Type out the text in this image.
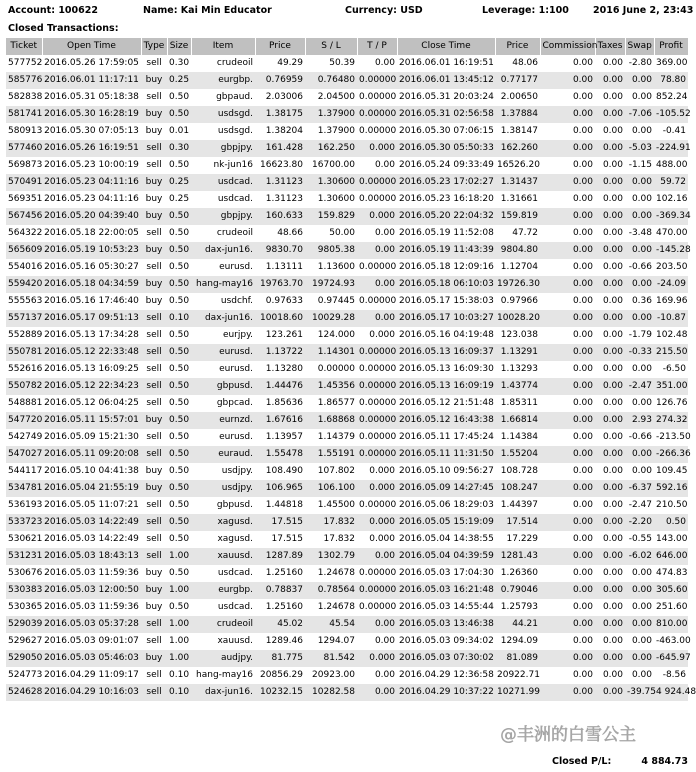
Account: 100622	Name: Kai Min Educator	Currency: USD	Leverage: 1:100	2016 June 2, 23:43
Closed Transactions:
Ticket	Open Time	Type	Size	Item	Price	S / L	T / P	Close Time	Price	Commission	Taxes	Swap	Profit
577752	2016.05.26 17:59:05	sell	0.30	crudeoil	49.29	50.39	0.00	2016.06.01 16:19:51	48.06	0.00	0.00	-2.80	369.00
585776	2016.06.01 11:17:11	buy	0.25	eurgbp.	0.76959	0.76480	0.00000	2016.06.01 13:45:12	0.77177	0.00	0.00	0.00	78.80
582838	2016.05.31 05:18:38	sell	0.50	gbpaud.	2.03006	2.04500	0.00000	2016.05.31 20:03:24	2.00650	0.00	0.00	0.00	852.24
581741	2016.05.30 16:28:19	buy	0.50	usdsgd.	1.38175	1.37900	0.00000	2016.05.31 02:56:58	1.37884	0.00	0.00	-7.06	-105.52
580913	2016.05.30 07:05:13	buy	0.01	usdsgd.	1.38204	1.37900	0.00000	2016.05.30 07:06:15	1.38147	0.00	0.00	0.00	-0.41
577460	2016.05.26 16:19:51	sell	0.30	gbpjpy.	161.428	162.250	0.000	2016.05.30 05:50:33	162.260	0.00	0.00	-5.03	-224.91
569873	2016.05.23 10:00:19	sell	0.50	nk-jun16	16623.80	16700.00	0.00	2016.05.24 09:33:49	16526.20	0.00	0.00	-1.15	488.00
570491	2016.05.23 04:11:16	buy	0.25	usdcad.	1.31123	1.30600	0.00000	2016.05.23 17:02:27	1.31437	0.00	0.00	0.00	59.72
569351	2016.05.23 04:11:16	buy	0.25	usdcad.	1.31123	1.30600	0.00000	2016.05.23 16:18:20	1.31661	0.00	0.00	0.00	102.16
567456	2016.05.20 04:39:40	buy	0.50	gbpjpy.	160.633	159.829	0.000	2016.05.20 22:04:32	159.819	0.00	0.00	0.00	-369.34
564322	2016.05.18 22:00:05	sell	0.50	crudeoil	48.66	50.00	0.00	2016.05.19 11:52:08	47.72	0.00	0.00	-3.48	470.00
565609	2016.05.19 10:53:23	buy	0.50	dax-jun16.	9830.70	9805.38	0.00	2016.05.19 11:43:39	9804.80	0.00	0.00	0.00	-145.28
554016	2016.05.16 05:30:27	sell	0.50	eurusd.	1.13111	1.13600	0.00000	2016.05.18 12:09:16	1.12704	0.00	0.00	-0.66	203.50
559420	2016.05.18 04:34:59	buy	0.50	hang-may16	19763.70	19724.93	0.00	2016.05.18 06:10:03	19726.30	0.00	0.00	0.00	-24.09
555563	2016.05.16 17:46:40	buy	0.50	usdchf.	0.97633	0.97445	0.00000	2016.05.17 15:38:03	0.97966	0.00	0.00	0.36	169.96
557137	2016.05.17 09:51:13	sell	0.10	dax-jun16.	10018.60	10029.28	0.00	2016.05.17 10:03:27	10028.20	0.00	0.00	0.00	-10.87
552889	2016.05.13 17:34:28	sell	0.50	eurjpy.	123.261	124.000	0.000	2016.05.16 04:19:48	123.038	0.00	0.00	-1.79	102.48
550781	2016.05.12 22:33:48	sell	0.50	eurusd.	1.13722	1.14301	0.00000	2016.05.13 16:09:37	1.13291	0.00	0.00	-0.33	215.50
552616	2016.05.13 16:09:25	sell	0.50	eurusd.	1.13280	0.00000	0.00000	2016.05.13 16:09:30	1.13293	0.00	0.00	0.00	-6.50
550782	2016.05.12 22:34:23	sell	0.50	gbpusd.	1.44476	1.45356	0.00000	2016.05.13 16:09:19	1.43774	0.00	0.00	-2.47	351.00
548881	2016.05.12 06:04:25	sell	0.50	gbpcad.	1.85636	1.86577	0.00000	2016.05.12 21:51:48	1.85311	0.00	0.00	0.00	126.76
547720	2016.05.11 15:57:01	buy	0.50	eurnzd.	1.67616	1.68868	0.00000	2016.05.12 16:43:38	1.66814	0.00	0.00	2.93	274.32
542749	2016.05.09 15:21:30	sell	0.50	eurusd.	1.13957	1.14379	0.00000	2016.05.11 17:45:24	1.14384	0.00	0.00	-0.66	-213.50
547027	2016.05.11 09:20:08	sell	0.50	euraud.	1.55478	1.55191	0.00000	2016.05.11 11:31:50	1.55204	0.00	0.00	0.00	-266.36
544117	2016.05.10 04:41:38	buy	0.50	usdjpy.	108.490	107.802	0.000	2016.05.10 09:56:27	108.728	0.00	0.00	0.00	109.45
534781	2016.05.04 21:55:19	buy	0.50	usdjpy.	106.965	106.100	0.000	2016.05.09 14:27:45	108.247	0.00	0.00	-6.37	592.16
536193	2016.05.05 11:07:21	sell	0.50	gbpusd.	1.44818	1.45500	0.00000	2016.05.06 18:29:03	1.44397	0.00	0.00	-2.47	210.50
533723	2016.05.03 14:22:49	sell	0.50	xagusd.	17.515	17.832	0.000	2016.05.05 15:19:09	17.514	0.00	0.00	-2.20	0.50
530621	2016.05.03 14:22:49	sell	0.50	xagusd.	17.515	17.832	0.000	2016.05.04 14:38:55	17.229	0.00	0.00	-0.55	143.00
531231	2016.05.03 18:43:13	sell	1.00	xauusd.	1287.89	1302.79	0.00	2016.05.04 04:39:59	1281.43	0.00	0.00	-6.02	646.00
530676	2016.05.03 11:59:36	buy	0.50	usdcad.	1.25160	1.24678	0.00000	2016.05.03 17:04:30	1.26360	0.00	0.00	0.00	474.83
530383	2016.05.03 12:00:50	buy	1.00	eurgbp.	0.78837	0.78564	0.00000	2016.05.03 16:21:48	0.79046	0.00	0.00	0.00	305.60
530365	2016.05.03 11:59:36	buy	0.50	usdcad.	1.25160	1.24678	0.00000	2016.05.03 14:55:44	1.25793	0.00	0.00	0.00	251.60
529039	2016.05.03 05:37:28	sell	1.00	crudeoil	45.02	45.54	0.00	2016.05.03 13:46:38	44.21	0.00	0.00	0.00	810.00
529627	2016.05.03 09:01:07	sell	1.00	xauusd.	1289.46	1294.07	0.00	2016.05.03 09:34:02	1294.09	0.00	0.00	0.00	-463.00
529050	2016.05.03 05:46:03	buy	1.00	audjpy.	81.775	81.542	0.000	2016.05.03 07:30:02	81.089	0.00	0.00	0.00	-645.97
524773	2016.04.29 11:09:17	sell	0.10	hang-may16	20856.29	20923.00	0.00	2016.04.29 12:36:58	20922.71	0.00	0.00	0.00	-8.56
524628	2016.04.29 10:16:03	sell	0.10	dax-jun16.	10232.15	10282.58	0.00	2016.04.29 10:37:22	10271.99	0.00	0.00	-39.75	4 924.48
@丰洲的白雪公主
Closed P/L:	4 884.73
